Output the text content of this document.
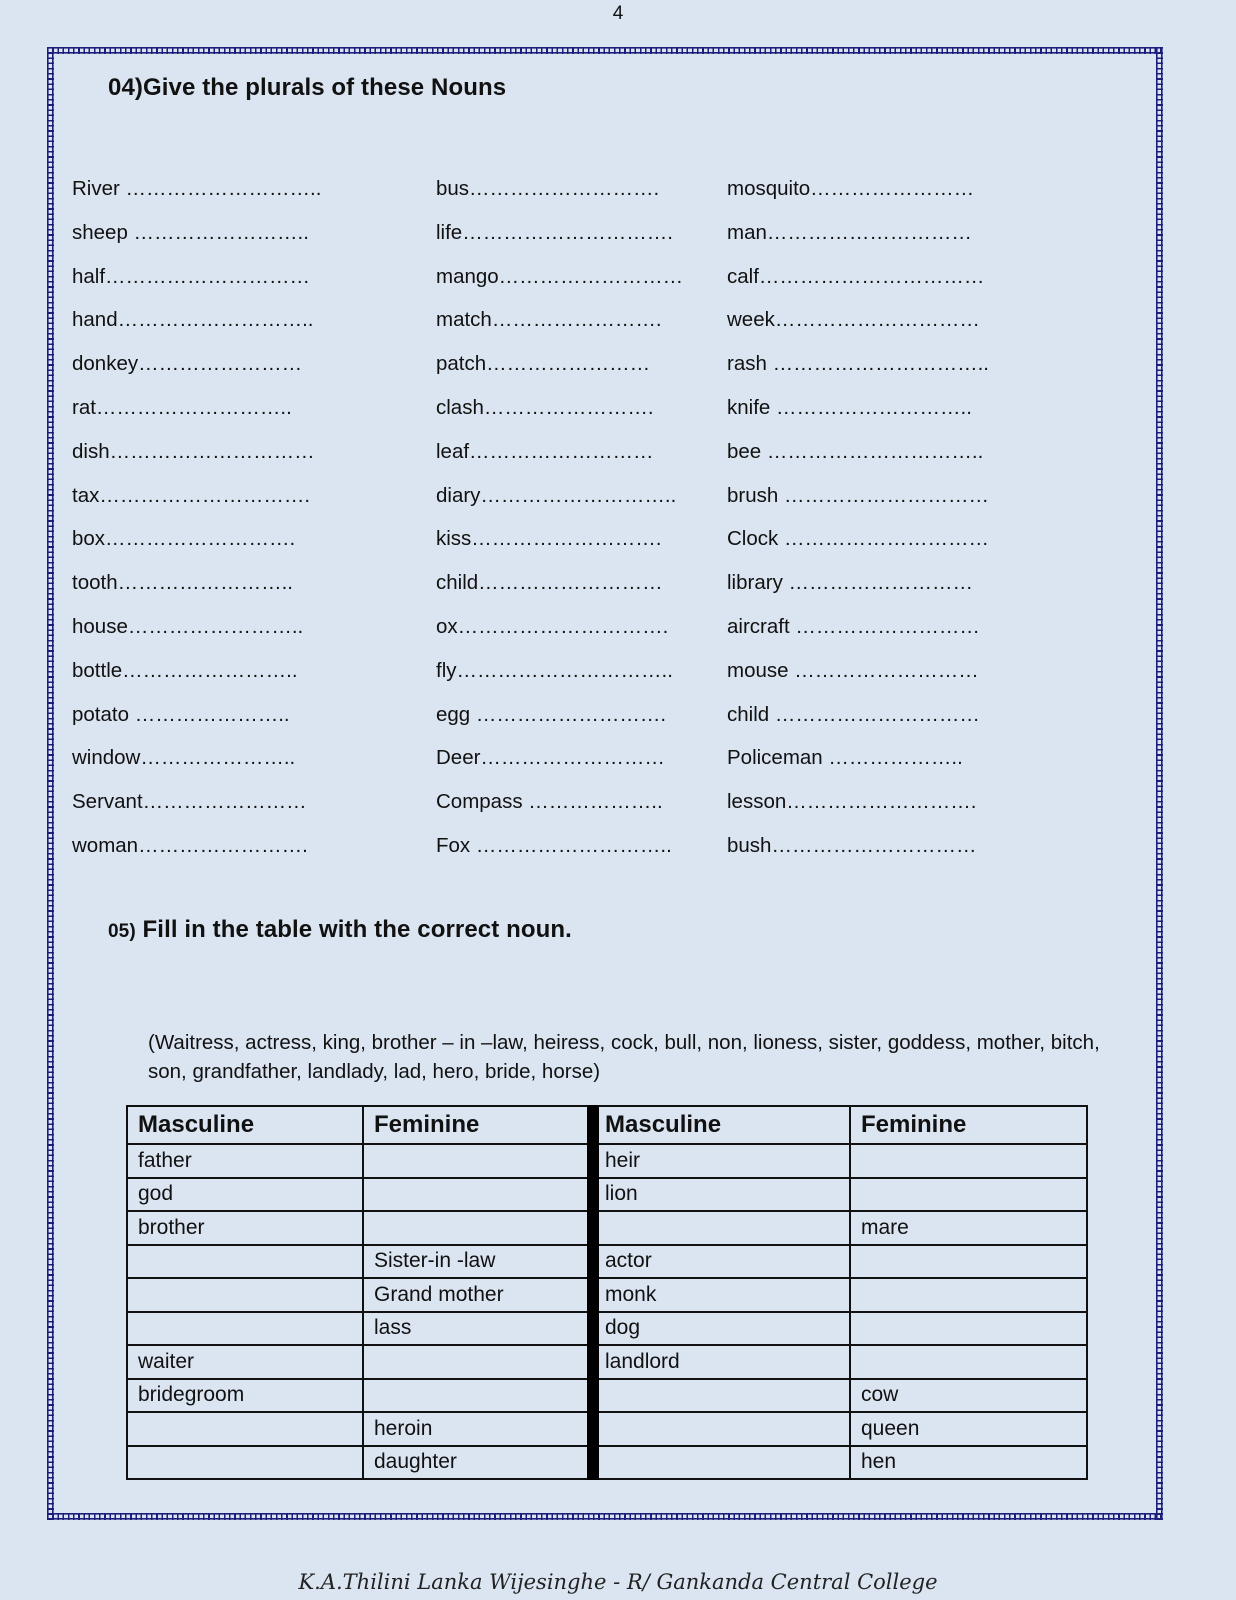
4
04)Give the plurals of these Nouns
River ………………………..
sheep ……………………..
half…………………………
hand………………………..
donkey……………………
rat………………………..
dish…………………………
tax………………………….
box……………………….
tooth……………………..
house……………………..
bottle……………………..
potato …………………..
window…………………..
Servant……………………
woman…………………….
bus……………………….
life………………………….
mango………………………
match…………………….
patch……………………
clash…………………….
leaf………………………
diary………………………..
kiss……………………….
child………………………
ox………………………….
fly…………………………..
egg ……………………….
Deer………………………
Compass ………………..
Fox ………………………..
mosquito……………………
man…………………………
calf……………………………
week…………………………
rash …………………………..
knife ………………………..
bee …………………………..
brush …………………………
Clock …………………………
library ………………………
aircraft ………………………
mouse ………………………
child …………………………
Policeman ………………..
lesson……………………….
bush…………………………
05) Fill in the table with the correct noun.
(Waitress, actress, king, brother – in –law, heiress, cock, bull, non, lioness, sister, goddess, mother, bitch, son, grandfather, landlady, lad, hero, bride, horse)
Masculine	Feminine	Masculine	Feminine
father		heir	
god		lion	
brother			mare
	Sister-in -law	actor	
	Grand mother	monk	
	lass	dog	
waiter		landlord	
bridegroom			cow
	heroin		queen
	daughter		hen
K.A.Thilini Lanka Wijesinghe - R/ Gankanda Central College
